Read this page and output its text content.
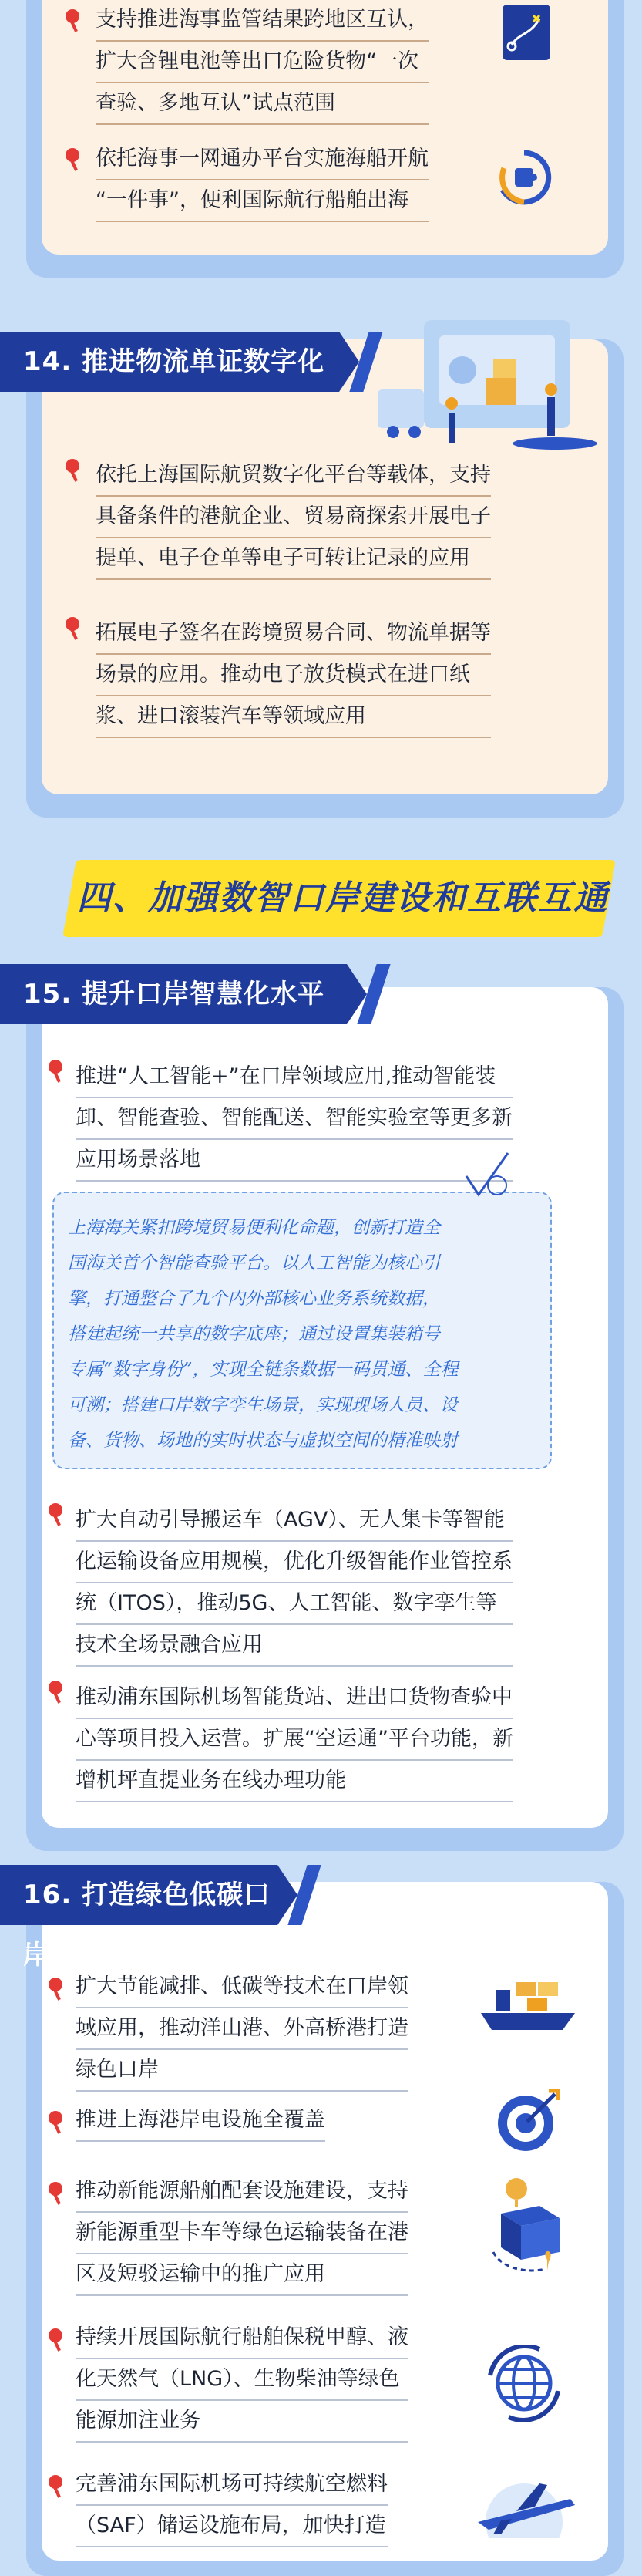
支持推进海事监管结果跨地区互认，
扩大含锂电池等出口危险货物“一次
查验、多地互认”试点范围
依托海事一网通办平台实施海船开航
“一件事”，便利国际航行船舶出海
依托上海国际航贸数字化平台等载体，支持
具备条件的港航企业、贸易商探索开展电子
提单、电子仓单等电子可转让记录的应用
拓展电子签名在跨境贸易合同、物流单据等
场景的应用。推动电子放货模式在进口纸
浆、进口滚装汽车等领域应用
14. 推进物流单证数字化
四、加强数智口岸建设和互联互通
推进“人工智能+”在口岸领域应用,推动智能装
卸、智能查验、智能配送、智能实验室等更多新
应用场景落地
扩大自动引导搬运车（AGV）、无人集卡等智能
化运输设备应用规模，优化升级智能作业管控系
统（ITOS），推动5G、人工智能、数字孪生等
技术全场景融合应用
推动浦东国际机场智能货站、进出口货物查验中
心等项目投入运营。扩展“空运通”平台功能，新
增机坪直提业务在线办理功能
15. 提升口岸智慧化水平
上海海关紧扣跨境贸易便利化命题，创新打造全
国海关首个智能查验平台。以人工智能为核心引
擎，打通整合了九个内外部核心业务系统数据，
搭建起统一共享的数字底座；通过设置集装箱号
专属“数字身份”，实现全链条数据一码贯通、全程
可溯；搭建口岸数字孪生场景，实现现场人员、设
备、货物、场地的实时状态与虚拟空间的精准映射
扩大节能减排、低碳等技术在口岸领
域应用，推动洋山港、外高桥港打造
绿色口岸
推进上海港岸电设施全覆盖
推动新能源船舶配套设施建设，支持
新能源重型卡车等绿色运输装备在港
区及短驳运输中的推广应用
持续开展国际航行船舶保税甲醇、液
化天然气（LNG）、生物柴油等绿色
能源加注业务
完善浦东国际机场可持续航空燃料
（SAF）储运设施布局，加快打造
16. 打造绿色低碳口岸
